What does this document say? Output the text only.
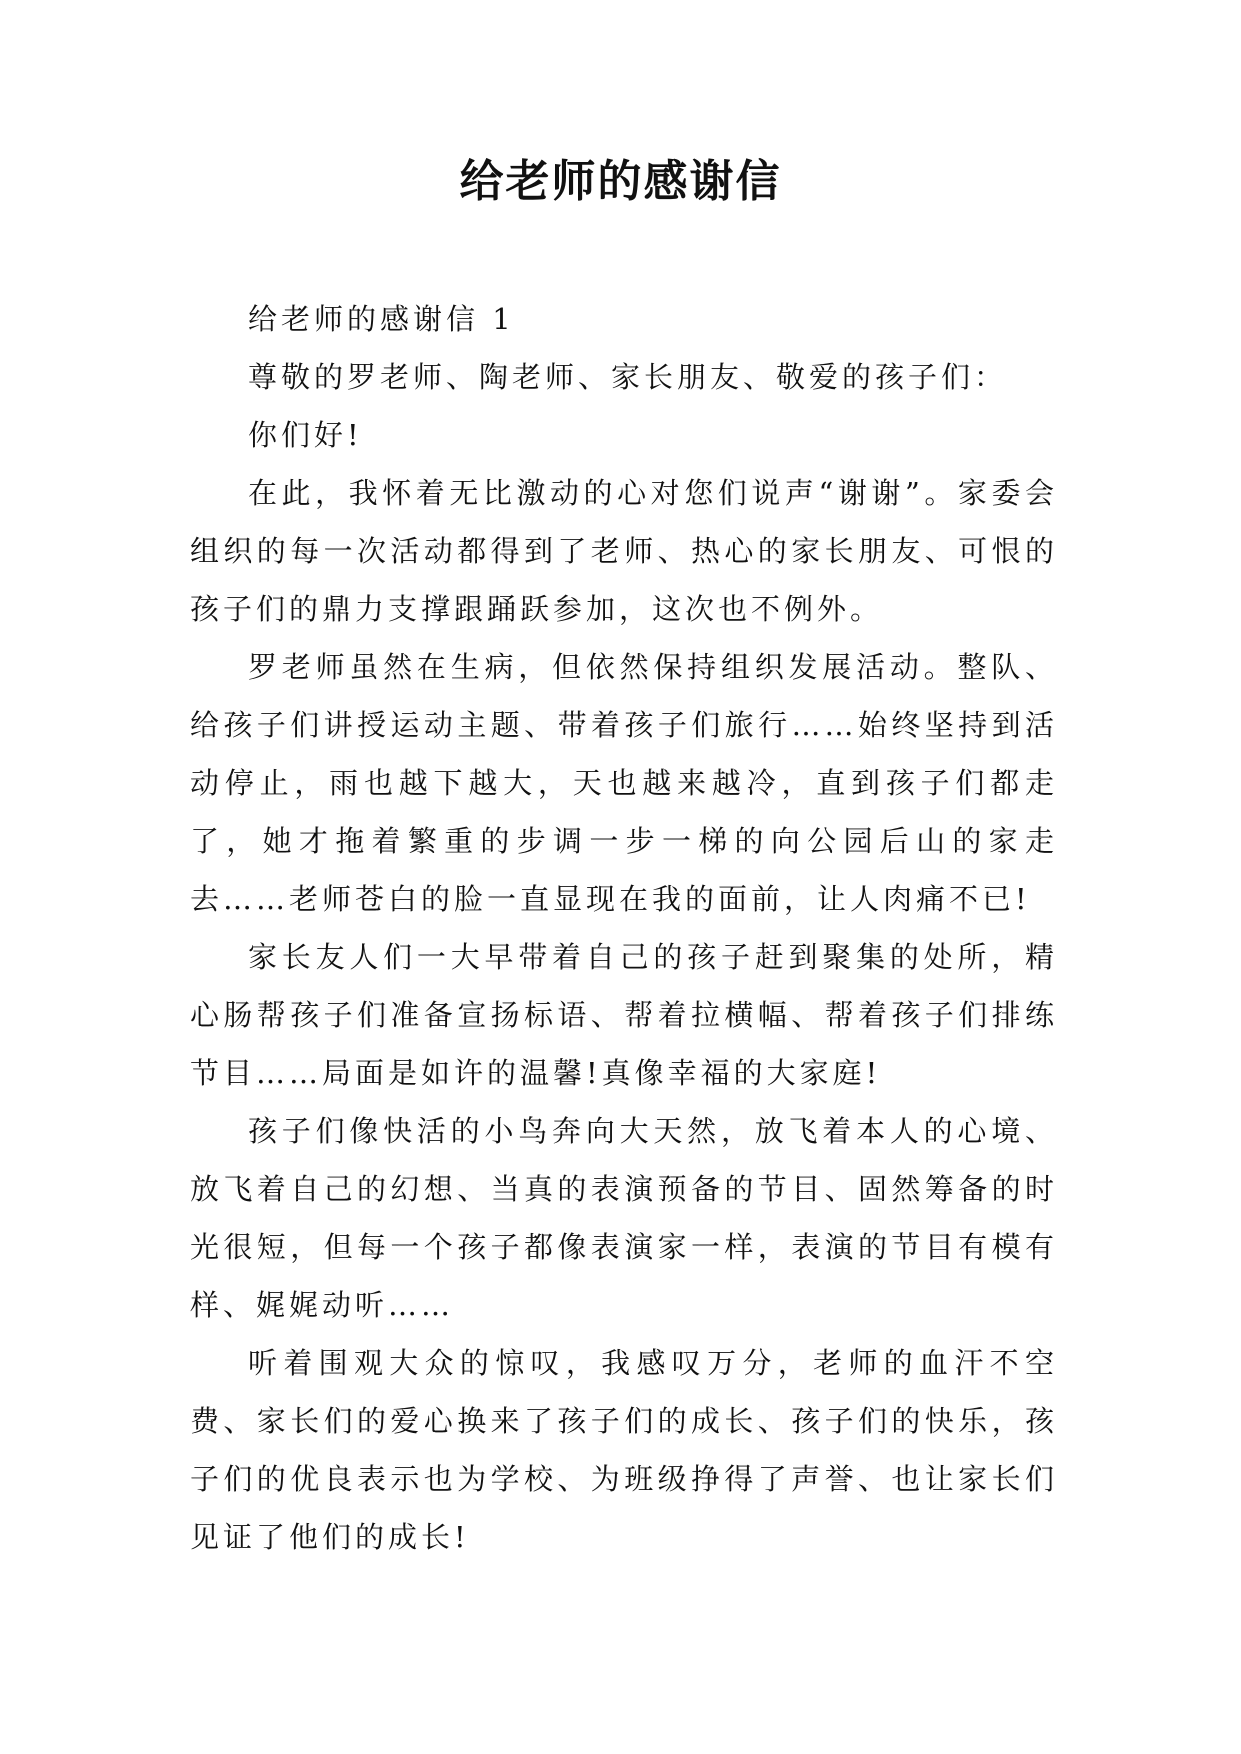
给老师的感谢信

给老师的感谢信 1

尊敬的罗老师、陶老师、家长朋友、敬爱的孩子们：

你们好!

在此，我怀着无比激动的心对您们说声“谢谢”。家委会组织的每一次活动都得到了老师、热心的家长朋友、可恨的孩子们的鼎力支撑跟踊跃参加，这次也不例外。

罗老师虽然在生病，但依然保持组织发展活动。整队、给孩子们讲授运动主题、带着孩子们旅行……始终坚持到活动停止，雨也越下越大，天也越来越冷，直到孩子们都走了，她才拖着繁重的步调一步一梯的向公园后山的家走去……老师苍白的脸一直显现在我的面前，让人肉痛不已!

家长友人们一大早带着自己的孩子赶到聚集的处所，精心肠帮孩子们准备宣扬标语、帮着拉横幅、帮着孩子们排练节目……局面是如许的温馨!真像幸福的大家庭!

孩子们像快活的小鸟奔向大天然，放飞着本人的心境、放飞着自己的幻想、当真的表演预备的节目、固然筹备的时光很短，但每一个孩子都像表演家一样，表演的节目有模有样、娓娓动听……

听着围观大众的惊叹，我感叹万分，老师的血汗不空费、家长们的爱心换来了孩子们的成长、孩子们的快乐，孩子们的优良表示也为学校、为班级挣得了声誉、也让家长们见证了他们的成长!
